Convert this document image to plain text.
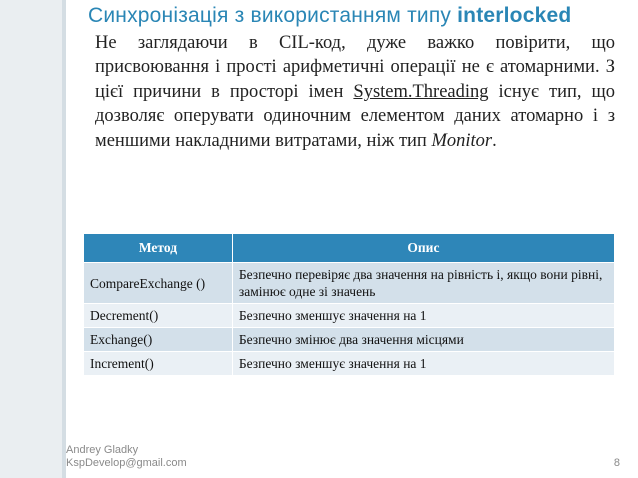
Синхронізація з використанням типу interlocked
Не заглядаючи в CIL-код, дуже важко повірити, що присвоювання і прості арифметичні операції не є атомарними. З цієї причини в просторі імен System.Threading існує тип, що дозволяє оперувати одиночним елементом даних атомарно і з меншими накладними витратами, ніж тип Monitor.
Метод	Опис
CompareExchange ()	Безпечно перевіряє два значення на рівність і, якщо вони рівні, замінює одне зі значень
Decrement()	Безпечно зменшує значення на 1
Exchange()	Безпечно змінює два значення місцями
Increment()	Безпечно зменшує значення на 1
Andrey Gladky
KspDevelop@gmail.com	8
